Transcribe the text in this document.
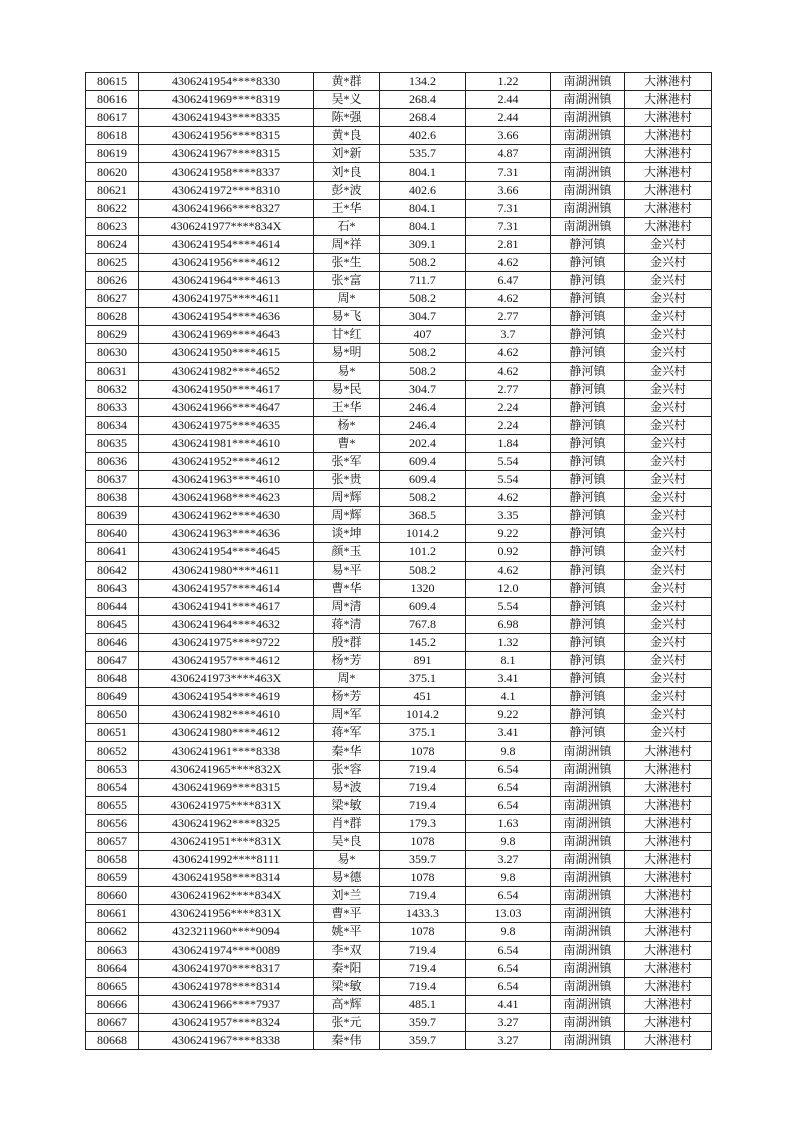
80615	4306241954****8330	黄*群	134.2	1.22	南湖洲镇	大淋港村
80616	4306241969****8319	吴*义	268.4	2.44	南湖洲镇	大淋港村
80617	4306241943****8335	陈*强	268.4	2.44	南湖洲镇	大淋港村
80618	4306241956****8315	黄*良	402.6	3.66	南湖洲镇	大淋港村
80619	4306241967****8315	刘*新	535.7	4.87	南湖洲镇	大淋港村
80620	4306241958****8337	刘*良	804.1	7.31	南湖洲镇	大淋港村
80621	4306241972****8310	彭*波	402.6	3.66	南湖洲镇	大淋港村
80622	4306241966****8327	王*华	804.1	7.31	南湖洲镇	大淋港村
80623	4306241977****834X	石*	804.1	7.31	南湖洲镇	大淋港村
80624	4306241954****4614	周*祥	309.1	2.81	静河镇	金兴村
80625	4306241956****4612	张*生	508.2	4.62	静河镇	金兴村
80626	4306241964****4613	张*富	711.7	6.47	静河镇	金兴村
80627	4306241975****4611	周*	508.2	4.62	静河镇	金兴村
80628	4306241954****4636	易*飞	304.7	2.77	静河镇	金兴村
80629	4306241969****4643	甘*红	407	3.7	静河镇	金兴村
80630	4306241950****4615	易*明	508.2	4.62	静河镇	金兴村
80631	4306241982****4652	易*	508.2	4.62	静河镇	金兴村
80632	4306241950****4617	易*民	304.7	2.77	静河镇	金兴村
80633	4306241966****4647	王*华	246.4	2.24	静河镇	金兴村
80634	4306241975****4635	杨*	246.4	2.24	静河镇	金兴村
80635	4306241981****4610	曹*	202.4	1.84	静河镇	金兴村
80636	4306241952****4612	张*军	609.4	5.54	静河镇	金兴村
80637	4306241963****4610	张*贵	609.4	5.54	静河镇	金兴村
80638	4306241968****4623	周*辉	508.2	4.62	静河镇	金兴村
80639	4306241962****4630	周*辉	368.5	3.35	静河镇	金兴村
80640	4306241963****4636	谈*坤	1014.2	9.22	静河镇	金兴村
80641	4306241954****4645	颜*玉	101.2	0.92	静河镇	金兴村
80642	4306241980****4611	易*平	508.2	4.62	静河镇	金兴村
80643	4306241957****4614	曹*华	1320	12.0	静河镇	金兴村
80644	4306241941****4617	周*清	609.4	5.54	静河镇	金兴村
80645	4306241964****4632	蒋*清	767.8	6.98	静河镇	金兴村
80646	4306241975****9722	殷*群	145.2	1.32	静河镇	金兴村
80647	4306241957****4612	杨*芳	891	8.1	静河镇	金兴村
80648	4306241973****463X	周*	375.1	3.41	静河镇	金兴村
80649	4306241954****4619	杨*芳	451	4.1	静河镇	金兴村
80650	4306241982****4610	周*军	1014.2	9.22	静河镇	金兴村
80651	4306241980****4612	蒋*军	375.1	3.41	静河镇	金兴村
80652	4306241961****8338	秦*华	1078	9.8	南湖洲镇	大淋港村
80653	4306241965****832X	张*容	719.4	6.54	南湖洲镇	大淋港村
80654	4306241969****8315	易*波	719.4	6.54	南湖洲镇	大淋港村
80655	4306241975****831X	梁*敏	719.4	6.54	南湖洲镇	大淋港村
80656	4306241962****8325	肖*群	179.3	1.63	南湖洲镇	大淋港村
80657	4306241951****831X	吴*良	1078	9.8	南湖洲镇	大淋港村
80658	4306241992****8111	易*	359.7	3.27	南湖洲镇	大淋港村
80659	4306241958****8314	易*德	1078	9.8	南湖洲镇	大淋港村
80660	4306241962****834X	刘*兰	719.4	6.54	南湖洲镇	大淋港村
80661	4306241956****831X	曹*平	1433.3	13.03	南湖洲镇	大淋港村
80662	4323211960****9094	姚*平	1078	9.8	南湖洲镇	大淋港村
80663	4306241974****0089	李*双	719.4	6.54	南湖洲镇	大淋港村
80664	4306241970****8317	秦*阳	719.4	6.54	南湖洲镇	大淋港村
80665	4306241978****8314	梁*敏	719.4	6.54	南湖洲镇	大淋港村
80666	4306241966****7937	高*辉	485.1	4.41	南湖洲镇	大淋港村
80667	4306241957****8324	张*元	359.7	3.27	南湖洲镇	大淋港村
80668	4306241967****8338	秦*伟	359.7	3.27	南湖洲镇	大淋港村
